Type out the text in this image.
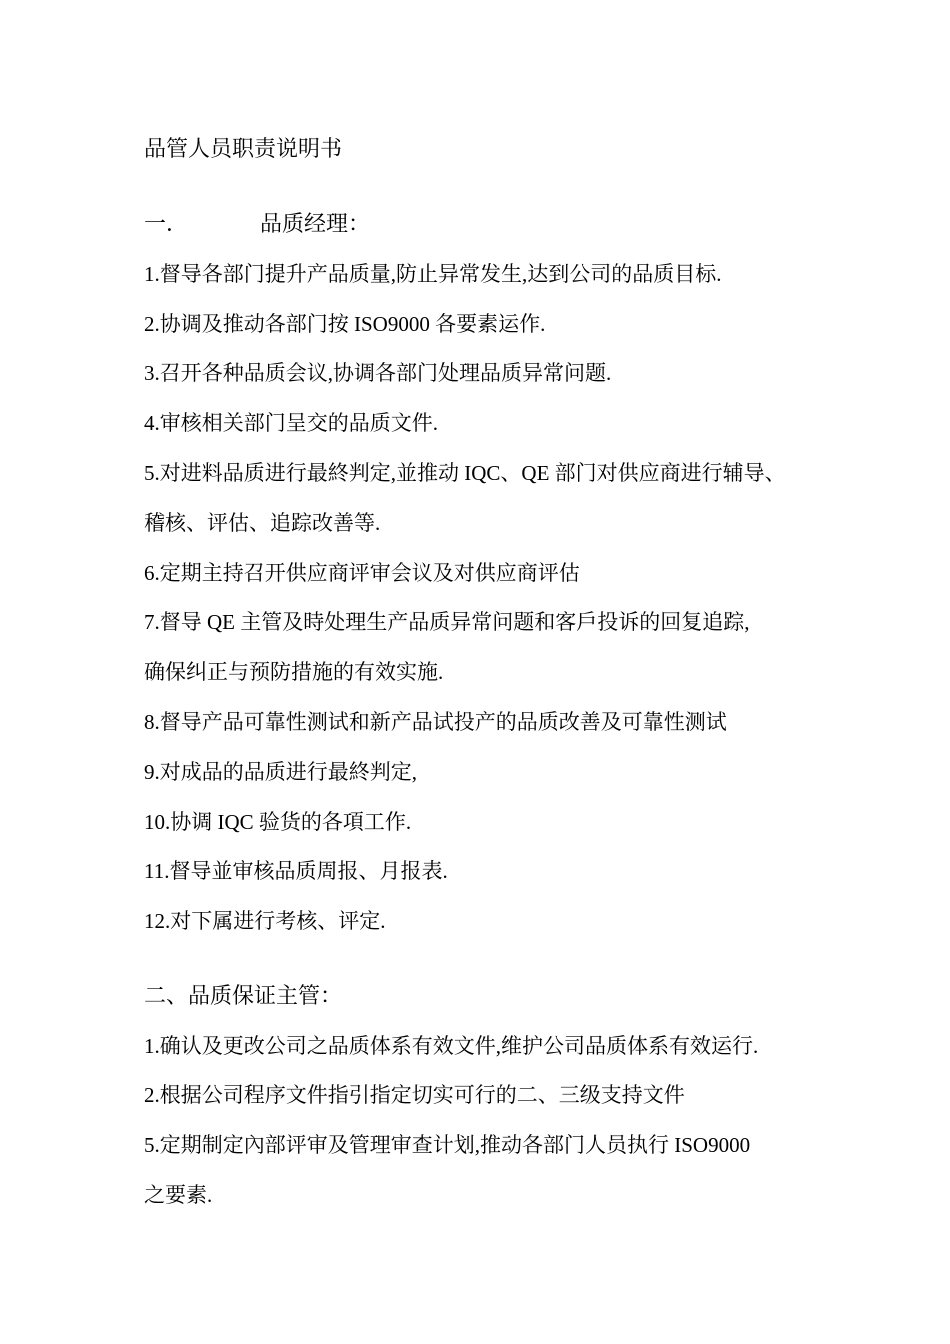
品管人员职责说明书
一．	品质经理：
1.督导各部门提升产品质量,防止异常发生,达到公司的品质目标.
2.协调及推动各部门按 ISO9000 各要素运作.
3.召开各种品质会议,协调各部门处理品质异常问题.
4.审核相关部门呈交的品质文件.
5.对进料品质进行最終判定,並推动 IQC、QE 部门对供应商进行辅导、
稽核、评估、追踪改善等.
6.定期主持召开供应商评审会议及对供应商评估
7.督导 QE 主管及時处理生产品质异常问题和客戶投诉的回复追踪,
确保纠正与预防措施的有效实施.
8.督导产品可靠性测试和新产品试投产的品质改善及可靠性测试
9.对成品的品质进行最終判定,
10.协调 IQC 验货的各項工作.
11.督导並审核品质周报、月报表.
12.对下属进行考核、评定.
二、品质保证主管：
1.确认及更改公司之品质体系有效文件,维护公司品质体系有效运行.
2.根据公司程序文件指引指定切实可行的二、三级支持文件
5.定期制定內部评审及管理审查计划,推动各部门人员执行 ISO9000
之要素.
